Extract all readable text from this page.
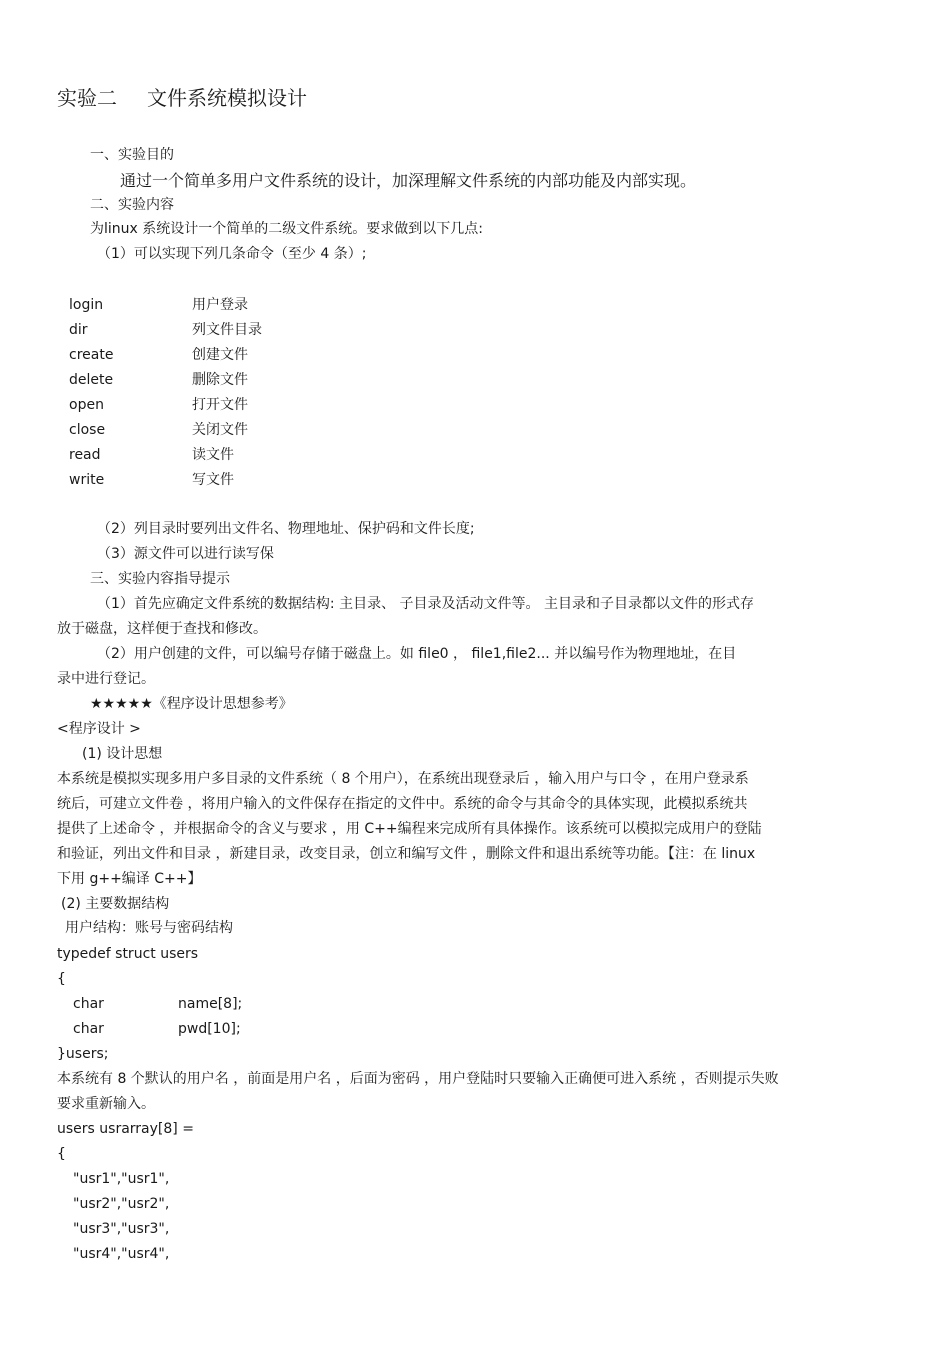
实验二 文件系统模拟设计
一、实验目的
通过一个简单多用户文件系统的设计，加深理解文件系统的内部功能及内部实现。
二、实验内容
为linux 系统设计一个简单的二级文件系统。要求做到以下几点:
（1）可以实现下列几条命令（至少 4 条）;
login	用户登录
dir	列文件目录
create	创建文件
delete	删除文件
open	打开文件
close	关闭文件
read	读文件
write	写文件
（2）列目录时要列出文件名、物理地址、保护码和文件长度;
（3）源文件可以进行读写保
三、实验内容指导提示
（1）首先应确定文件系统的数据结构: 主目录、 子目录及活动文件等。 主目录和子目录都以文件的形式存
放于磁盘，这样便于查找和修改。
（2）用户创建的文件，可以编号存储于磁盘上。如 file0 ， file1,file2... 并以编号作为物理地址，在目
录中进行登记。
★★★★★《程序设计思想参考》
<程序设计 >
(1) 设计思想
本系统是模拟实现多用户多目录的文件系统（ 8 个用户），在系统出现登录后 ，输入用户与口令 ，在用户登录系
统后，可建立文件卷 ，将用户输入的文件保存在指定的文件中。系统的命令与其命令的具体实现，此模拟系统共
提供了上述命令 ，并根据命令的含义与要求 ，用 C++编程来完成所有具体操作。该系统可以模拟完成用户的登陆
和验证，列出文件和目录 ，新建目录，改变目录，创立和编写文件 ，删除文件和退出系统等功能。【注：在 linux
下用 g++编译 C++】
(2) 主要数据结构
用户结构：账号与密码结构
typedef struct users
{
char	name[8];
char	pwd[10];
}users;
本系统有 8 个默认的用户名 ，前面是用户名 ，后面为密码 ，用户登陆时只要输入正确便可进入系统 ，否则提示失败
要求重新输入。
users usrarray[8] =
{
"usr1","usr1",
"usr2","usr2",
"usr3","usr3",
"usr4","usr4",
